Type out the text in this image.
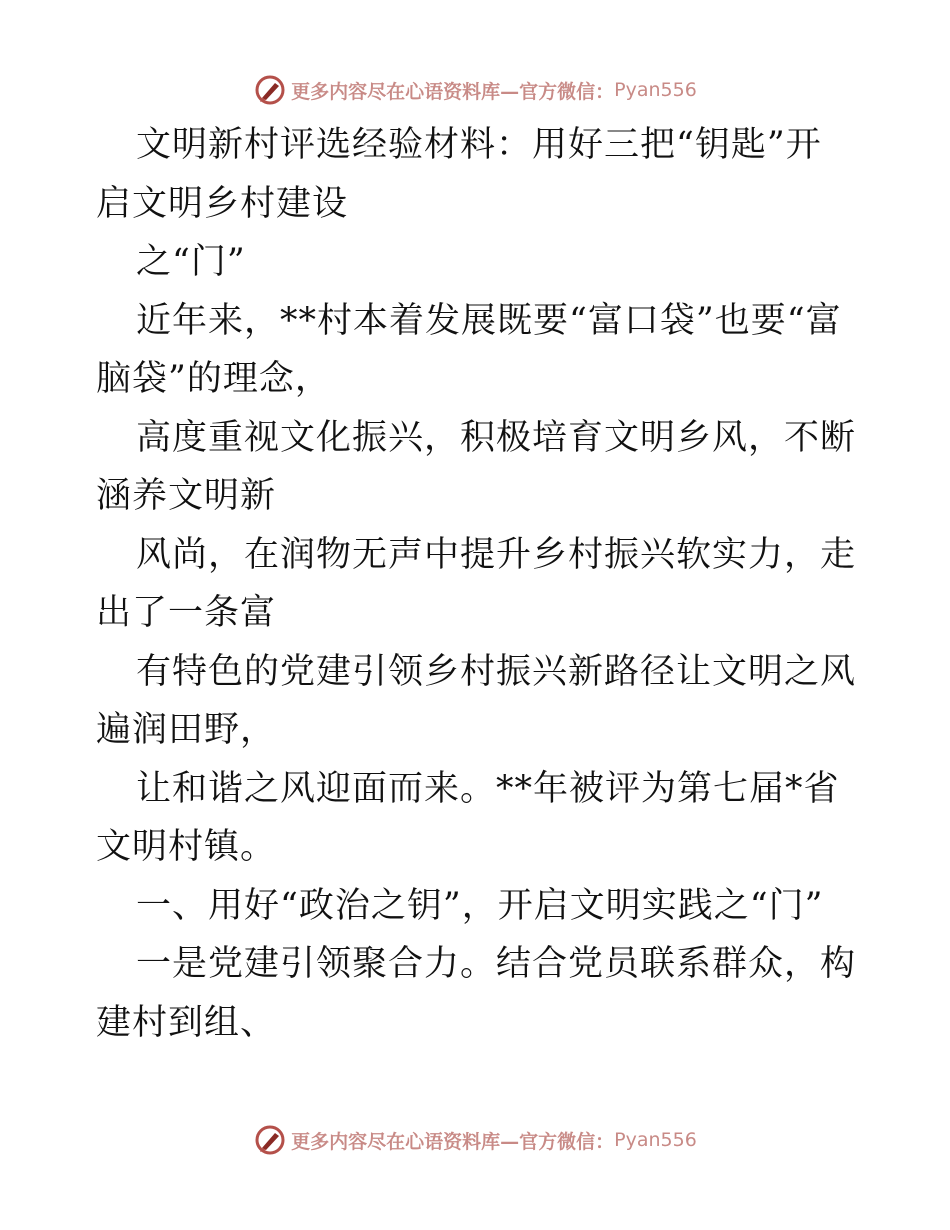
更多内容尽在心语资料库—官方微信： Pyan556

文明新村评选经验材料：用好三把“钥匙”开启文明乡村建设

之“门”

近年来，**村本着发展既要“富口袋”也要“富脑袋”的理念，

高度重视文化振兴，积极培育文明乡风，不断涵养文明新

风尚，在润物无声中提升乡村振兴软实力，走出了一条富

有特色的党建引领乡村振兴新路径让文明之风遍润田野，

让和谐之风迎面而来。**年被评为第七届*省文明村镇。

一、用好“政治之钥”，开启文明实践之“门”

一是党建引领聚合力。结合党员联系群众，构建村到组、

更多内容尽在心语资料库—官方微信： Pyan556
